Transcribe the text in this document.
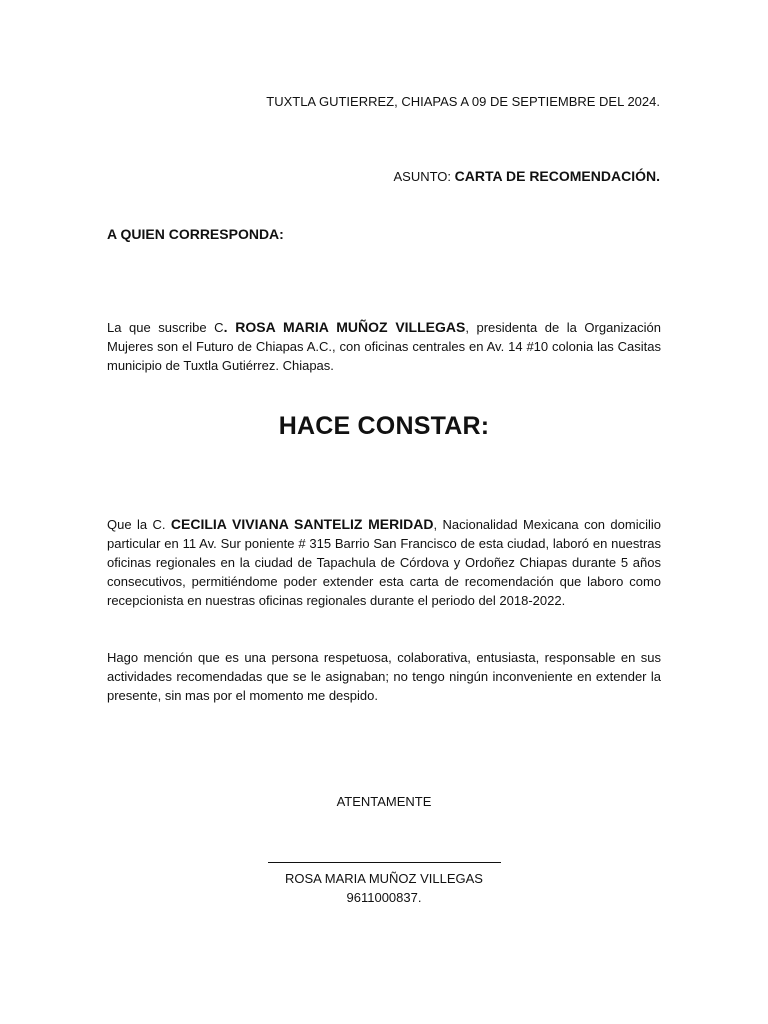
TUXTLA GUTIERREZ, CHIAPAS A 09 DE SEPTIEMBRE DEL 2024.
ASUNTO: CARTA DE RECOMENDACIÓN.
A QUIEN CORRESPONDA:
La que suscribe C. ROSA MARIA MUÑOZ VILLEGAS, presidenta de la Organización Mujeres son el Futuro de Chiapas A.C., con oficinas centrales en Av. 14 #10 colonia las Casitas municipio de Tuxtla Gutiérrez. Chiapas.
HACE CONSTAR:
Que la C. CECILIA VIVIANA SANTELIZ MERIDAD, Nacionalidad Mexicana con domicilio particular en 11 Av. Sur poniente # 315 Barrio San Francisco de esta ciudad, laboró en nuestras oficinas regionales en la ciudad de Tapachula de Córdova y Ordoñez Chiapas durante 5 años consecutivos, permitiéndome poder extender esta carta de recomendación que laboro como recepcionista en nuestras oficinas regionales durante el periodo del 2018-2022.
Hago mención que es una persona respetuosa, colaborativa, entusiasta, responsable en sus actividades recomendadas que se le asignaban; no tengo ningún inconveniente en extender la presente, sin mas por el momento me despido.
ATENTAMENTE
ROSA MARIA MUÑOZ VILLEGAS
9611000837.
